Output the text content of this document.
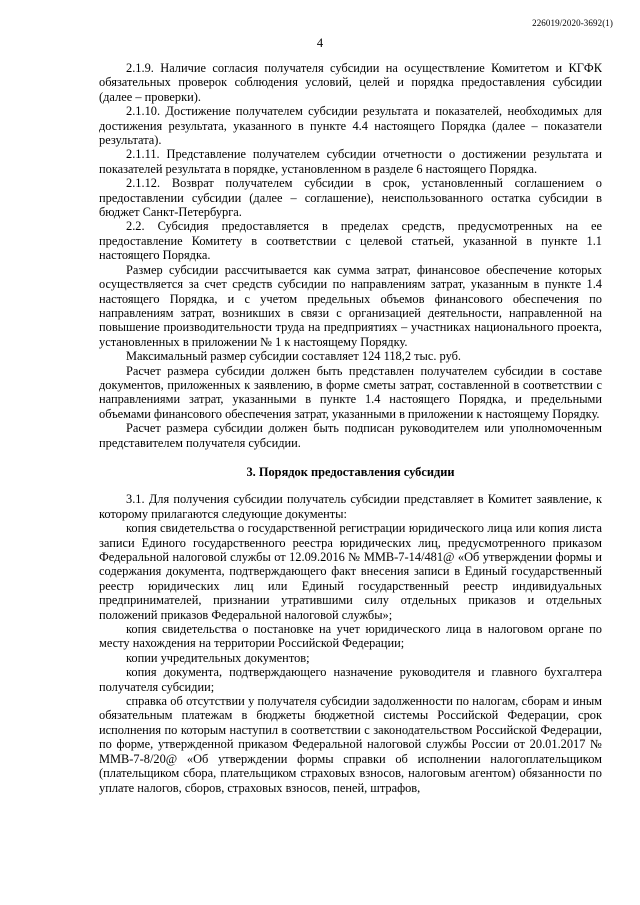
226019/2020-3692(1)
4

2.1.9. Наличие согласия получателя субсидии на осуществление Комитетом и КГФК обязательных проверок соблюдения условий, целей и порядка предоставления субсидии (далее – проверки).

2.1.10. Достижение получателем субсидии результата и показателей, необходимых для достижения результата, указанного в пункте 4.4 настоящего Порядка (далее – показатели результата).

2.1.11. Представление получателем субсидии отчетности о достижении результата и показателей результата в порядке, установленном в разделе 6 настоящего Порядка.

2.1.12. Возврат получателем субсидии в срок, установленный соглашением о предоставлении субсидии (далее – соглашение), неиспользованного остатка субсидии в бюджет Санкт-Петербурга.

2.2. Субсидия предоставляется в пределах средств, предусмотренных на ее предоставление Комитету в соответствии с целевой статьей, указанной в пункте 1.1 настоящего Порядка.

Размер субсидии рассчитывается как сумма затрат, финансовое обеспечение которых осуществляется за счет средств субсидии по направлениям затрат, указанным в пункте 1.4 настоящего Порядка, и с учетом предельных объемов финансового обеспечения по направлениям затрат, возникших в связи с организацией деятельности, направленной на повышение производительности труда на предприятиях – участниках национального проекта, установленных в приложении № 1 к настоящему Порядку.

Максимальный размер субсидии составляет 124 118,2 тыс. руб.

Расчет размера субсидии должен быть представлен получателем субсидии в составе документов, приложенных к заявлению, в форме сметы затрат, составленной в соответствии с направлениями затрат, указанными в пункте 1.4 настоящего Порядка, и предельными объемами финансового обеспечения затрат, указанными в приложении к настоящему Порядку.

Расчет размера субсидии должен быть подписан руководителем или уполномоченным представителем получателя субсидии.

3. Порядок предоставления субсидии

3.1. Для получения субсидии получатель субсидии представляет в Комитет заявление, к которому прилагаются следующие документы:

копия свидетельства о государственной регистрации юридического лица или копия листа записи Единого государственного реестра юридических лиц, предусмотренного приказом Федеральной налоговой службы от 12.09.2016 № ММВ-7-14/481@ «Об утверждении формы и содержания документа, подтверждающего факт внесения записи в Единый государственный реестр юридических лиц или Единый государственный реестр индивидуальных предпринимателей, признании утратившими силу отдельных приказов и отдельных положений приказов Федеральной налоговой службы»;

копия свидетельства о постановке на учет юридического лица в налоговом органе по месту нахождения на территории Российской Федерации;

копии учредительных документов;

копия документа, подтверждающего назначение руководителя и главного бухгалтера получателя субсидии;

справка об отсутствии у получателя субсидии задолженности по налогам, сборам и иным обязательным платежам в бюджеты бюджетной системы Российской Федерации, срок исполнения по которым наступил в соответствии с законодательством Российской Федерации, по форме, утвержденной приказом Федеральной налоговой службы России от 20.01.2017 № ММВ-7-8/20@ «Об утверждении формы справки об исполнении налогоплательщиком (плательщиком сбора, плательщиком страховых взносов, налоговым агентом) обязанности по уплате налогов, сборов, страховых взносов, пеней, штрафов,
